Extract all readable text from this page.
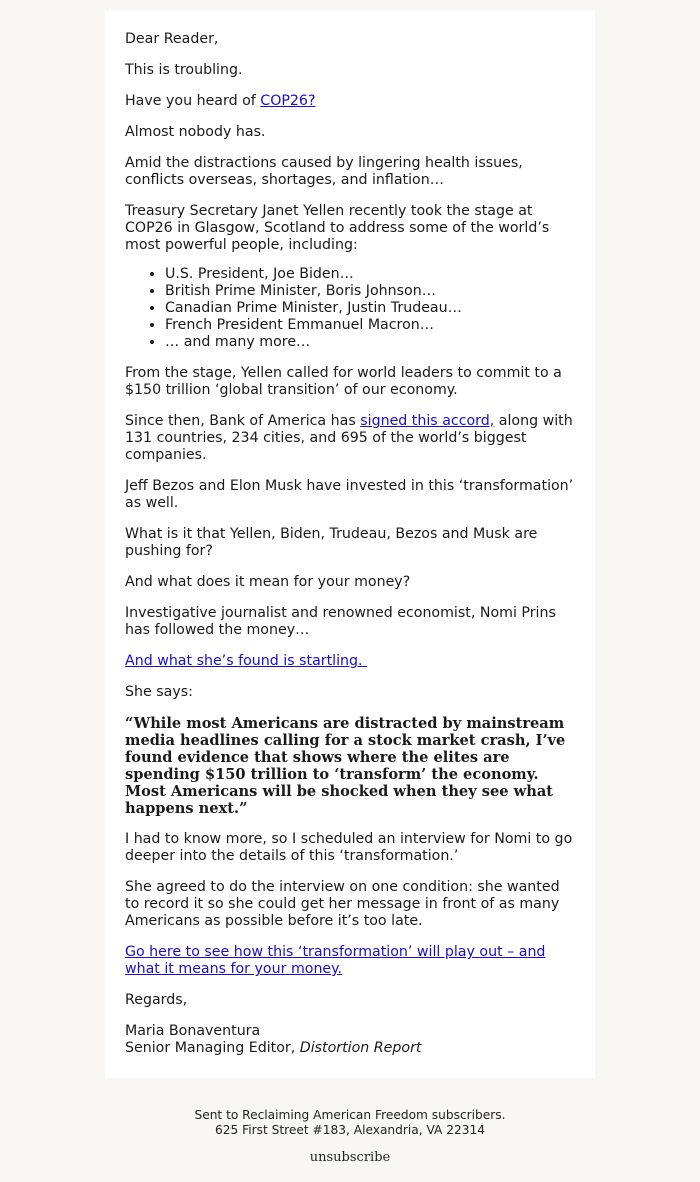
Dear Reader,

This is troubling.

Have you heard of COP26?

Almost nobody has.

Amid the distractions caused by lingering health issues, conflicts overseas, shortages, and inflation…

Treasury Secretary Janet Yellen recently took the stage at COP26 in Glasgow, Scotland to address some of the world’s most powerful people, including:

• U.S. President, Joe Biden…
• British Prime Minister, Boris Johnson…
• Canadian Prime Minister, Justin Trudeau…
• French President Emmanuel Macron…
• … and many more…

From the stage, Yellen called for world leaders to commit to a $150 trillion ‘global transition’ of our economy.

Since then, Bank of America has signed this accord, along with 131 countries, 234 cities, and 695 of the world’s biggest companies.

Jeff Bezos and Elon Musk have invested in this ‘transformation’ as well.

What is it that Yellen, Biden, Trudeau, Bezos and Musk are pushing for?

And what does it mean for your money?

Investigative journalist and renowned economist, Nomi Prins has followed the money…

And what she’s found is startling.

She says:

“While most Americans are distracted by mainstream media headlines calling for a stock market crash, I’ve found evidence that shows where the elites are spending $150 trillion to ‘transform’ the economy. Most Americans will be shocked when they see what happens next.”

I had to know more, so I scheduled an interview for Nomi to go deeper into the details of this ‘transformation.’

She agreed to do the interview on one condition: she wanted to record it so she could get her message in front of as many Americans as possible before it’s too late.

Go here to see how this ‘transformation’ will play out – and what it means for your money.

Regards,

Maria Bonaventura
Senior Managing Editor, Distortion Report

Sent to Reclaiming American Freedom subscribers.
625 First Street #183, Alexandria, VA 22314
unsubscribe
